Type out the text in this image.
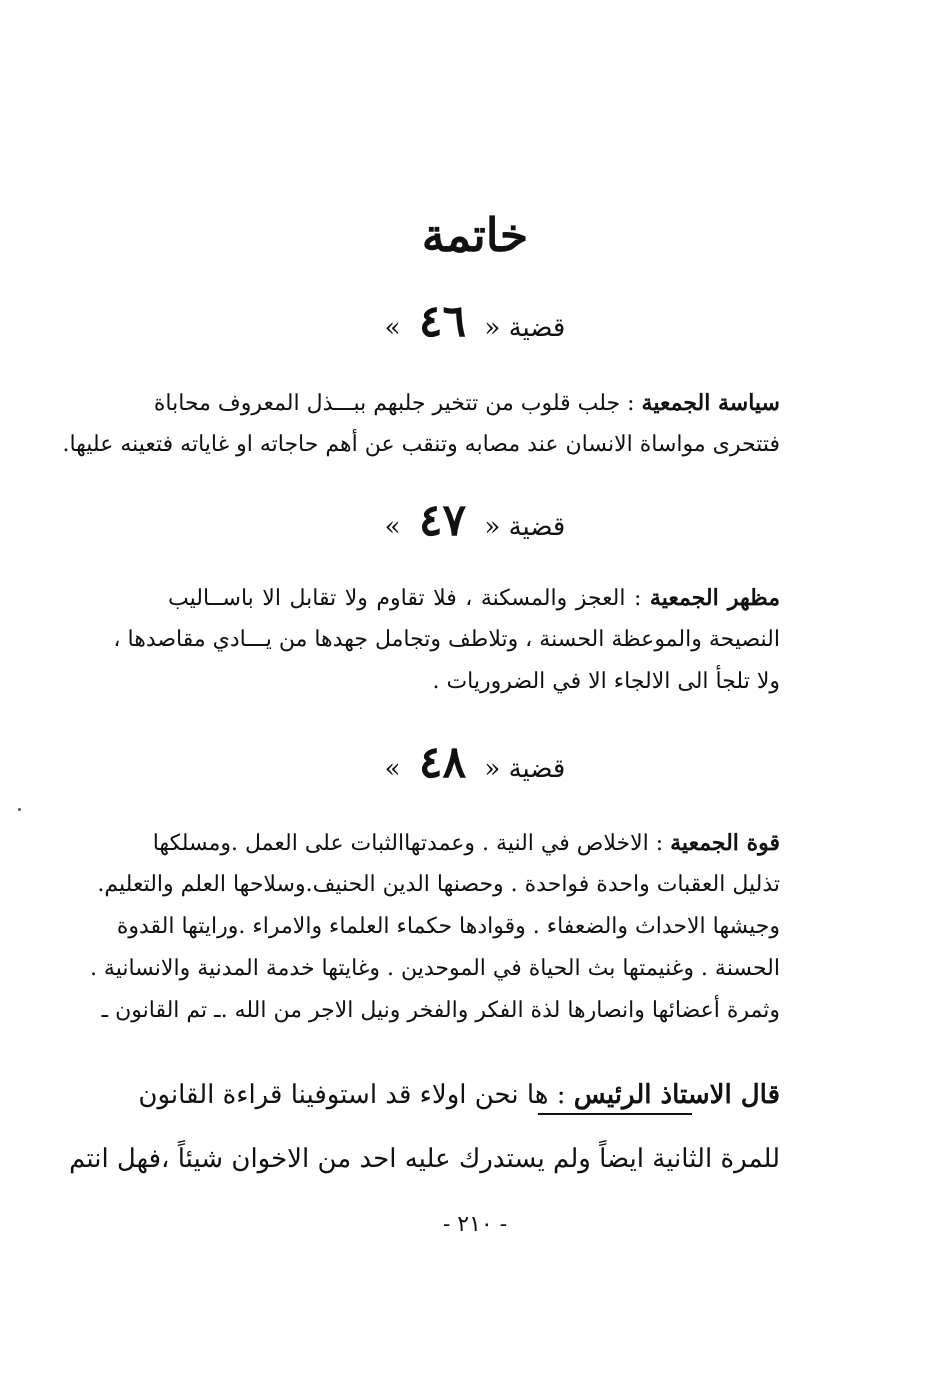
خاتمة
قضية « ٤٦ »
سياسة الجمعية : جلب قلوب من تتخير جلبهم ببـــذل المعروف محاباة
فتتحرى مواساة الانسان عند مصابه وتنقب عن أهم حاجاته او غاياته فتعينه عليها.
قضية « ٤٧ »
مظهر الجمعية : العجز والمسكنة ، فلا تقاوم ولا تقابل الا باســاليب
النصيحة والموعظة الحسنة ، وتلاطف وتجامل جهدها من يـــادي مقاصدها ،
ولا تلجأ الى الالجاء الا في الضروريات .
قضية « ٤٨ »
قوة الجمعية : الاخلاص في النية . وعمدتهاالثبات على العمل .ومسلكها
تذليل العقبات واحدة فواحدة . وحصنها الدين الحنيف.وسلاحها العلم والتعليم.
وجيشها الاحداث والضعفاء . وقوادها حكماء العلماء والامراء .ورايتها القدوة
الحسنة . وغنيمتها بث الحياة في الموحدين . وغايتها خدمة المدنية والانسانية .
وثمرة أعضائها وانصارها لذة الفكر والفخر ونيل الاجر من الله .ـ تم القانون ـ
قال الاستاذ الرئيس : ها نحن اولاء قد استوفينا قراءة القانون
للمرة الثانية ايضاً ولم يستدرك عليه احد من الاخوان شيئاً ،فهل انتم
- ٢١٠ -
